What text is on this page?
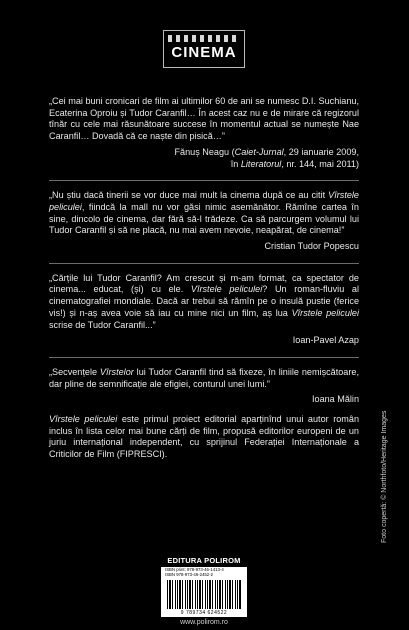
CINEMA

„Cei mai buni cronicari de film ai ultimilor 60 de ani se numesc D.I. Suchianu, Ecaterina Oproiu și Tudor Caranfil… În acest caz nu e de mirare că regizorul tînăr cu cele mai răsunătoare succese în momentul actual se numește Nae Caranfil… Dovadă că ce naște din pisică…”

Fănuș Neagu (Caiet-Jurnal, 29 ianuarie 2009,
în Literatorul, nr. 144, mai 2011)

„Nu știu dacă tinerii se vor duce mai mult la cinema după ce au citit Vîrstele peliculei, fiindcă la mall nu vor găsi nimic asemănător. Rămîne cartea în sine, dincolo de cinema, dar fără să-l trădeze. Ca să parcurgem volumul lui Tudor Caranfil și să ne placă, nu mai avem nevoie, neapărat, de cinema!”

Cristian Tudor Popescu

„Cărțile lui Tudor Caranfil? Am crescut și m-am format, ca spectator de cinema... educat, (și) cu ele. Vîrstele peliculei? Un roman-fluviu al cinematografiei mondiale. Dacă ar trebui să rămîn pe o insulă pustie (ferice vis!) și n-aș avea voie să iau cu mine nici un film, aș lua Vîrstele peliculei scrise de Tudor Caranfil...”

Ioan-Pavel Azap

„Secvențele Vîrstelor lui Tudor Caranfil tind să fixeze, în liniile nemișcătoare, dar pline de semnificație ale efigiei, conturul unei lumi.”

Ioana Mălin

Vîrstele peliculei este primul proiect editorial aparținînd unui autor român inclus în lista celor mai bune cărți de film, propusă editorilor europeni de un juriu internațional independent, cu sprijinul Federației Internaționale a Criticilor de Film (FIPRESCI).

EDITURA POLIROM
ISBN print: 978-973-46-1413-4
ISBN 978-973-46-2452-2
9 789734 624522
www.polirom.ro
Foto copertă: © Northfoto/Heritage Images
